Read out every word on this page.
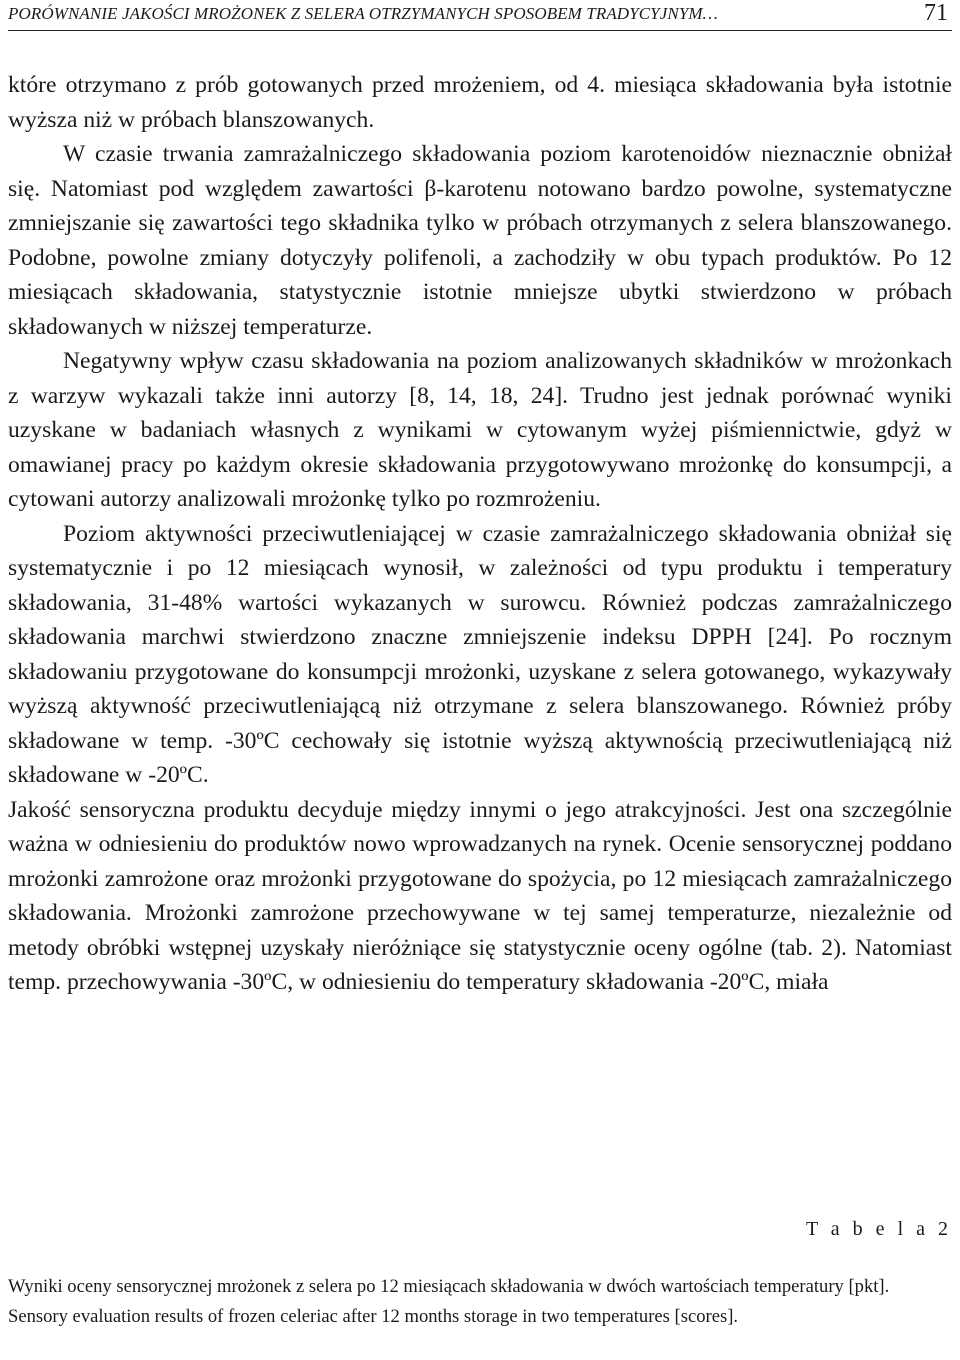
PORÓWNANIE JAKOŚCI MROŻONEK Z SELERA OTRZYMANYCH SPOSOBEM TRADYCYJNYM…	71

które otrzymano z prób gotowanych przed mrożeniem, od 4. miesiąca składowania była istotnie wyższa niż w próbach blanszowanych.

W czasie trwania zamrażalniczego składowania poziom karotenoidów nieznacznie obniżał się. Natomiast pod względem zawartości β-karotenu notowano bardzo powolne, systematyczne zmniejszanie się zawartości tego składnika tylko w próbach otrzymanych z selera blanszowanego. Podobne, powolne zmiany dotyczyły polifenoli, a zachodziły w obu typach produktów. Po 12 miesiącach składowania, statystycznie istotnie mniejsze ubytki stwierdzono w próbach składowanych w niższej temperaturze.

Negatywny wpływ czasu składowania na poziom analizowanych składników w mrożonkach z warzyw wykazali także inni autorzy [8, 14, 18, 24]. Trudno jest jednak porównać wyniki uzyskane w badaniach własnych z wynikami w cytowanym wyżej piśmiennictwie, gdyż w omawianej pracy po każdym okresie składowania przygotowywano mrożonkę do konsumpcji, a cytowani autorzy analizowali mrożonkę tylko po rozmrożeniu.

Poziom aktywności przeciwutleniającej w czasie zamrażalniczego składowania obniżał się systematycznie i po 12 miesiącach wynosił, w zależności od typu produktu i temperatury składowania, 31-48% wartości wykazanych w surowcu. Również podczas zamrażalniczego składowania marchwi stwierdzono znaczne zmniejszenie indeksu DPPH [24]. Po rocznym składowaniu przygotowane do konsumpcji mrożonki, uzyskane z selera gotowanego, wykazywały wyższą aktywność przeciwutleniającą niż otrzymane z selera blanszowanego. Również próby składowane w temp. -30ºC cechowały się istotnie wyższą aktywnością przeciwutleniającą niż składowane w -20ºC.

Jakość sensoryczna produktu decyduje między innymi o jego atrakcyjności. Jest ona szczególnie ważna w odniesieniu do produktów nowo wprowadzanych na rynek. Ocenie sensorycznej poddano mrożonki zamrożone oraz mrożonki przygotowane do spożycia, po 12 miesiącach zamrażalniczego składowania. Mrożonki zamrożone przechowywane w tej samej temperaturze, niezależnie od metody obróbki wstępnej uzyskały nieróżniące się statystycznie oceny ogólne (tab. 2). Natomiast temp. przechowywania -30ºC, w odniesieniu do temperatury składowania -20ºC, miała

T a b e l a 2

Wyniki oceny sensorycznej mrożonek z selera po 12 miesiącach składowania w dwóch wartościach temperatury [pkt].

Sensory evaluation results of frozen celeriac after 12 months storage in two temperatures [scores].
